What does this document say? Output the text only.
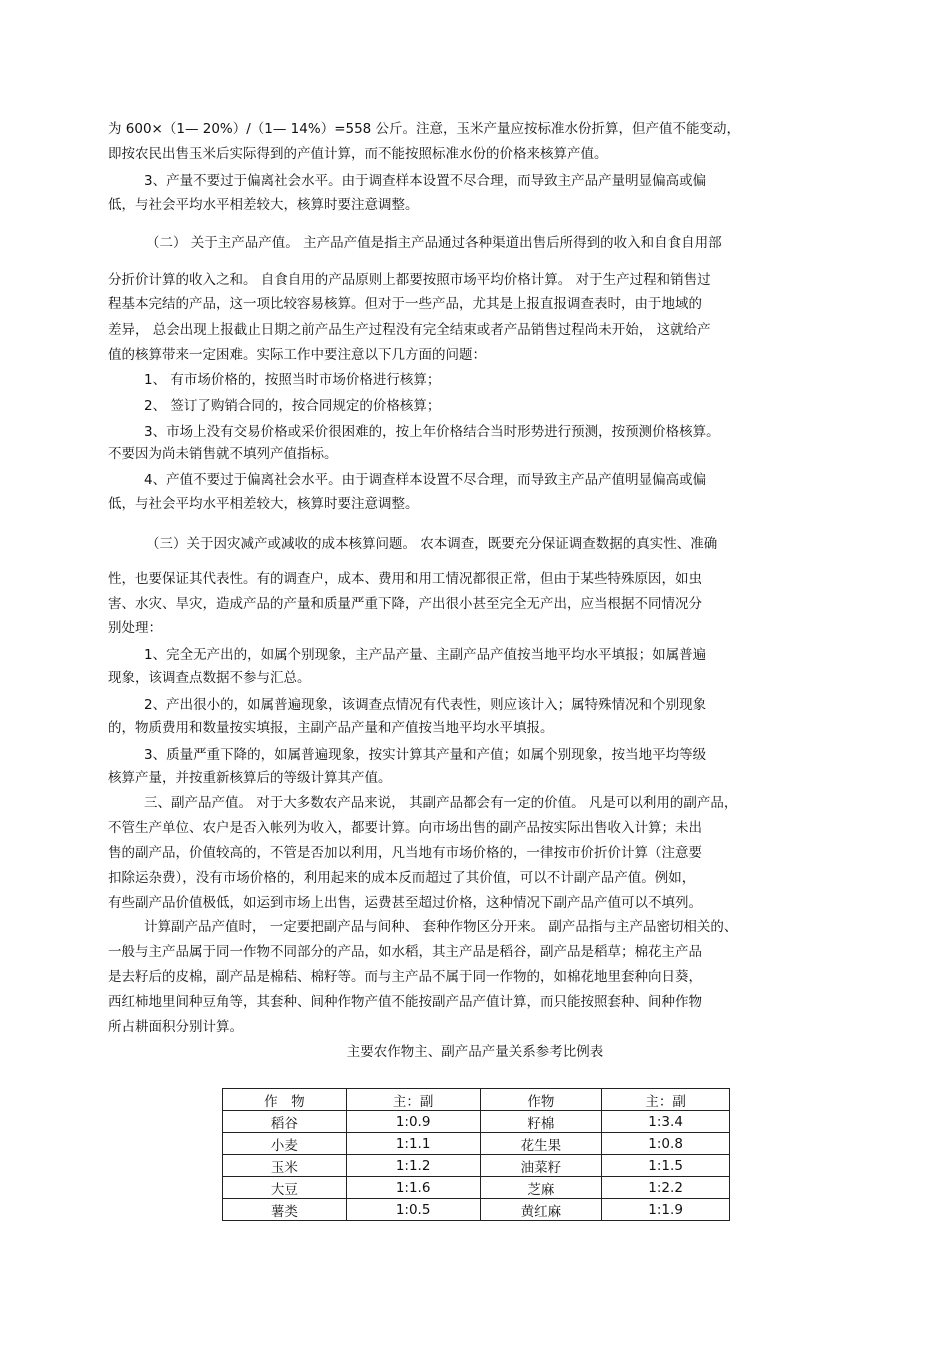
为 600×（1— 20%）/（1— 14%）=558 公斤。注意，玉米产量应按标准水份折算，但产值不能变动，
即按农民出售玉米后实际得到的产值计算，而不能按照标准水份的价格来核算产值。
3、产量不要过于偏离社会水平。由于调查样本设置不尽合理，而导致主产品产量明显偏高或偏
低，与社会平均水平相差较大，核算时要注意调整。
（二） 关于主产品产值。 主产品产值是指主产品通过各种渠道出售后所得到的收入和自食自用部
分折价计算的收入之和。 自食自用的产品原则上都要按照市场平均价格计算。 对于生产过程和销售过
程基本完结的产品，这一项比较容易核算。但对于一些产品，尤其是上报直报调查表时，由于地域的
差异， 总会出现上报截止日期之前产品生产过程没有完全结束或者产品销售过程尚未开始， 这就给产
值的核算带来一定困难。实际工作中要注意以下几方面的问题：
1、 有市场价格的，按照当时市场价格进行核算；
2、 签订了购销合同的，按合同规定的价格核算；
3、市场上没有交易价格或采价很困难的，按上年价格结合当时形势进行预测，按预测价格核算。
不要因为尚未销售就不填列产值指标。
4、产值不要过于偏离社会水平。由于调查样本设置不尽合理，而导致主产品产值明显偏高或偏
低，与社会平均水平相差较大，核算时要注意调整。
（三）关于因灾减产或减收的成本核算问题。 农本调查，既要充分保证调查数据的真实性、准确
性，也要保证其代表性。有的调查户，成本、费用和用工情况都很正常，但由于某些特殊原因，如虫
害、水灾、旱灾，造成产品的产量和质量严重下降，产出很小甚至完全无产出，应当根据不同情况分
别处理：
1、完全无产出的，如属个别现象，主产品产量、主副产品产值按当地平均水平填报；如属普遍
现象，该调查点数据不参与汇总。
2、产出很小的，如属普遍现象，该调查点情况有代表性，则应该计入；属特殊情况和个别现象
的，物质费用和数量按实填报，主副产品产量和产值按当地平均水平填报。
3、质量严重下降的，如属普遍现象，按实计算其产量和产值；如属个别现象，按当地平均等级
核算产量，并按重新核算后的等级计算其产值。
三、副产品产值。 对于大多数农产品来说， 其副产品都会有一定的价值。 凡是可以利用的副产品，
不管生产单位、农户是否入帐列为收入，都要计算。向市场出售的副产品按实际出售收入计算；未出
售的副产品，价值较高的，不管是否加以利用，凡当地有市场价格的，一律按市价折价计算（注意要
扣除运杂费），没有市场价格的，利用起来的成本反而超过了其价值，可以不计副产品产值。例如，
有些副产品价值极低，如运到市场上出售，运费甚至超过价格，这种情况下副产品产值可以不填列。
计算副产品产值时， 一定要把副产品与间种、 套种作物区分开来。 副产品指与主产品密切相关的、
一般与主产品属于同一作物不同部分的产品，如水稻，其主产品是稻谷，副产品是稻草；棉花主产品
是去籽后的皮棉，副产品是棉秸、棉籽等。而与主产品不属于同一作物的，如棉花地里套种向日葵，
西红柿地里间种豆角等，其套种、间种作物产值不能按副产品产值计算，而只能按照套种、间种作物
所占耕面积分别计算。
主要农作物主、副产品产量关系参考比例表
作　物	主：副	作物	主：副
稻谷	1:0.9	籽棉	1:3.4
小麦	1:1.1	花生果	1:0.8
玉米	1:1.2	油菜籽	1:1.5
大豆	1:1.6	芝麻	1:2.2
薯类	1:0.5	黄红麻	1:1.9
